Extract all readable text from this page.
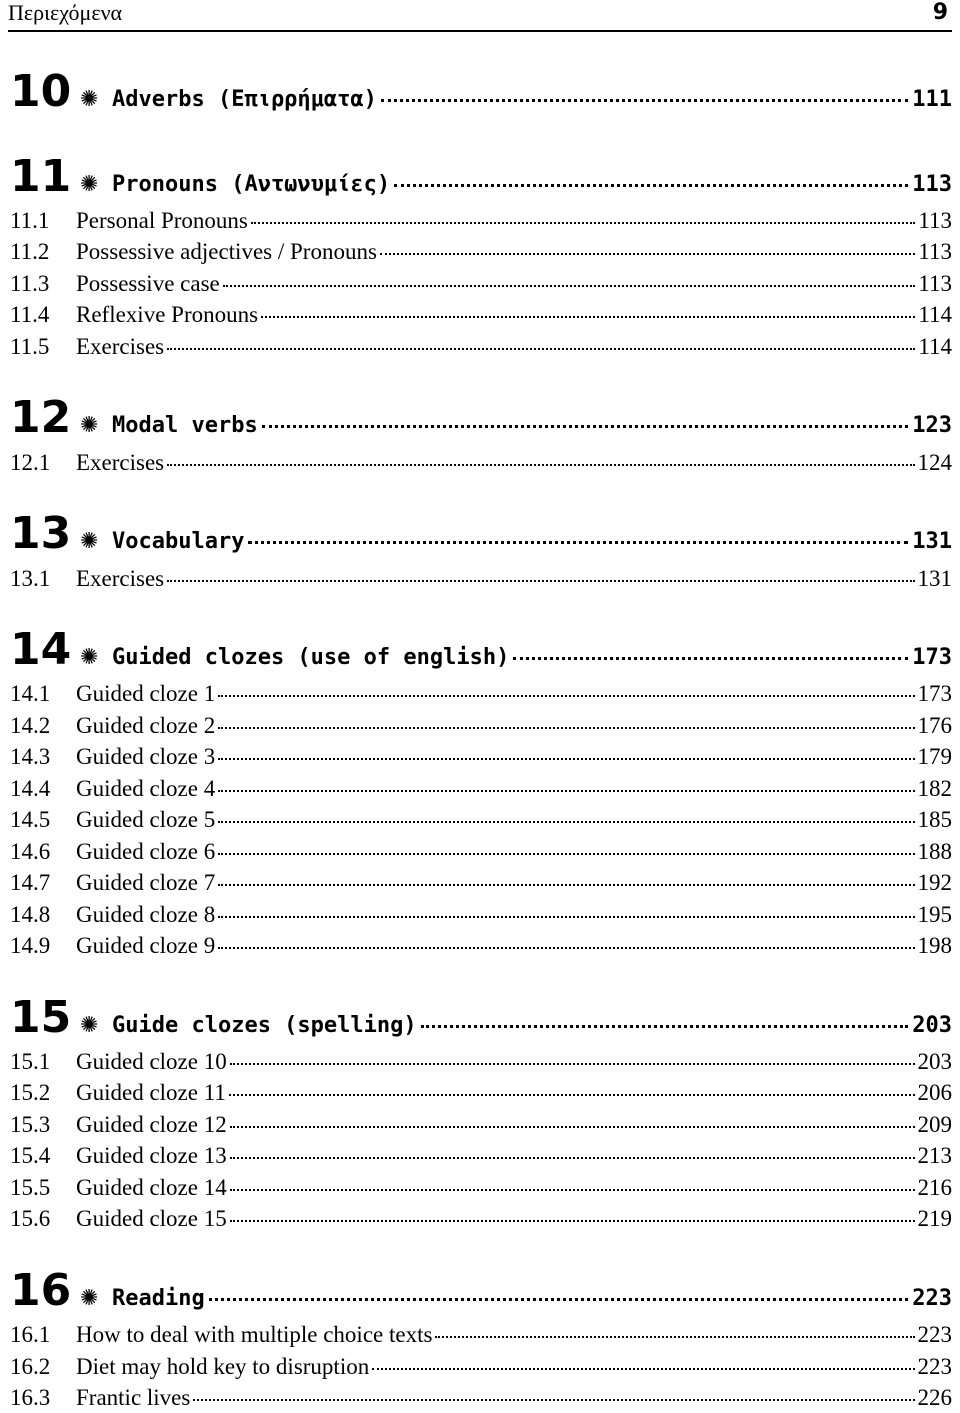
Περιεχόμενα	9
10 ✺ Adverbs (Επιρρήματα)	111
11 ✺ Pronouns (Αντωνυμίες)	113
11.1	Personal Pronouns	113
11.2	Possessive adjectives / Pronouns	113
11.3	Possessive case	113
11.4	Reflexive Pronouns	114
11.5	Exercises	114
12 ✺ Modal verbs	123
12.1	Exercises	124
13 ✺ Vocabulary	131
13.1	Exercises	131
14 ✺ Guided clozes (use of english)	173
14.1	Guided cloze 1	173
14.2	Guided cloze 2	176
14.3	Guided cloze 3	179
14.4	Guided cloze 4	182
14.5	Guided cloze 5	185
14.6	Guided cloze 6	188
14.7	Guided cloze 7	192
14.8	Guided cloze 8	195
14.9	Guided cloze 9	198
15 ✺ Guide clozes (spelling)	203
15.1	Guided cloze 10	203
15.2	Guided cloze 11	206
15.3	Guided cloze 12	209
15.4	Guided cloze 13	213
15.5	Guided cloze 14	216
15.6	Guided cloze 15	219
16 ✺ Reading	223
16.1	How to deal with multiple choice texts	223
16.2	Diet may hold key to disruption	223
16.3	Frantic lives	226
